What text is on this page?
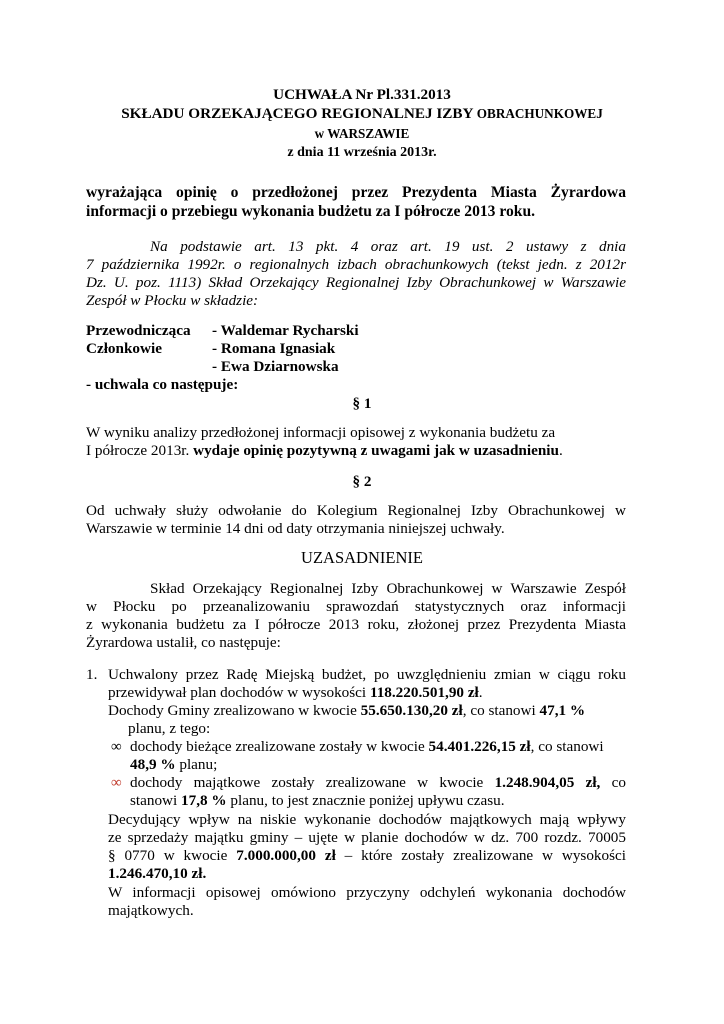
UCHWAŁA Nr Pl.331.2013
SKŁADU ORZEKAJĄCEGO REGIONALNEJ IZBY OBRACHUNKOWEJ
w WARSZAWIE
z dnia 11 września 2013r.
wyrażająca opinię o przedłożonej przez Prezydenta Miasta Żyrardowa
informacji o przebiegu wykonania budżetu za I półrocze 2013 roku.
Na podstawie art. 13 pkt. 4 oraz art. 19 ust. 2 ustawy z dnia
7 października 1992r. o regionalnych izbach obrachunkowych (tekst jedn. z 2012r
Dz. U. poz. 1113) Skład Orzekający Regionalnej Izby Obrachunkowej w Warszawie
Zespół w Płocku w składzie:
Przewodnicząca - Waldemar Rycharski
Członkowie	- Romana Ignasiak
- Ewa Dziarnowska
- uchwala co następuje:
§ 1
W wyniku analizy przedłożonej informacji opisowej z wykonania budżetu za
I półrocze 2013r. wydaje opinię pozytywną z uwagami jak w uzasadnieniu.
§ 2
Od uchwały służy odwołanie do Kolegium Regionalnej Izby Obrachunkowej w
Warszawie w terminie 14 dni od daty otrzymania niniejszej uchwały.
UZASADNIENIE
Skład Orzekający Regionalnej Izby Obrachunkowej w Warszawie Zespół
w Płocku po przeanalizowaniu sprawozdań statystycznych oraz informacji
z wykonania budżetu za I półrocze 2013 roku, złożonej przez Prezydenta Miasta
Żyrardowa ustalił, co następuje:
1. Uchwalony przez Radę Miejską budżet, po uwzględnieniu zmian w ciągu roku
przewidywał plan dochodów w wysokości 118.220.501,90 zł.
Dochody Gminy zrealizowano w kwocie 55.650.130,20 zł, co stanowi 47,1 %
planu, z tego:
∞ dochody bieżące zrealizowane zostały w kwocie 54.401.226,15 zł, co stanowi
48,9 % planu;
∞ dochody majątkowe zostały zrealizowane w kwocie 1.248.904,05 zł, co
stanowi 17,8 % planu, to jest znacznie poniżej upływu czasu.
Decydujący wpływ na niskie wykonanie dochodów majątkowych mają wpływy
ze sprzedaży majątku gminy – ujęte w planie dochodów w dz. 700 rozdz. 70005
§ 0770 w kwocie 7.000.000,00 zł – które zostały zrealizowane w wysokości
1.246.470,10 zł.
W informacji opisowej omówiono przyczyny odchyleń wykonania dochodów
majątkowych.
